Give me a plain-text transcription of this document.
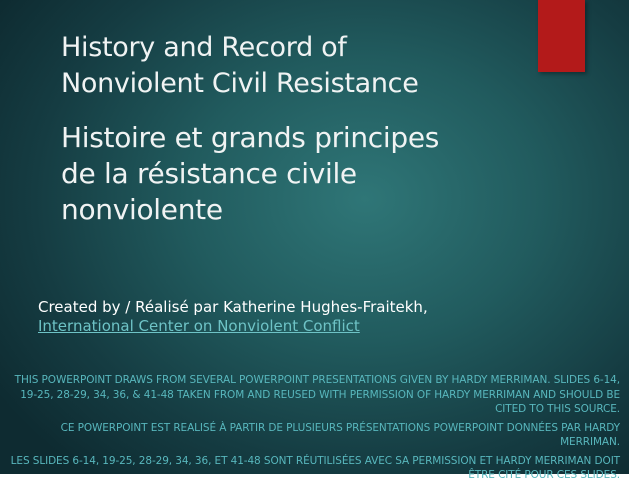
History and Record of
Nonviolent Civil Resistance
Histoire et grands principes
de la résistance civile
nonviolente
Created by / Réalisé par Katherine Hughes-Fraitekh,
International Center on Nonviolent Conflict

THIS POWERPOINT DRAWS FROM SEVERAL POWERPOINT PRESENTATIONS GIVEN BY HARDY MERRIMAN. SLIDES 6-14, 19-25, 28-29, 34, 36, & 41-48 TAKEN FROM AND REUSED WITH PERMISSION OF HARDY MERRIMAN AND SHOULD BE CITED TO THIS SOURCE.

CE POWERPOINT EST REALISÉ À PARTIR DE PLUSIEURS PRÉSENTATIONS POWERPOINT DONNÉES PAR HARDY MERRIMAN.

LES SLIDES 6-14, 19-25, 28-29, 34, 36, ET 41-48 SONT RÉUTILISÉES AVEC SA PERMISSION ET HARDY MERRIMAN DOIT ÊTRE CITÉ POUR CES SLIDES.
